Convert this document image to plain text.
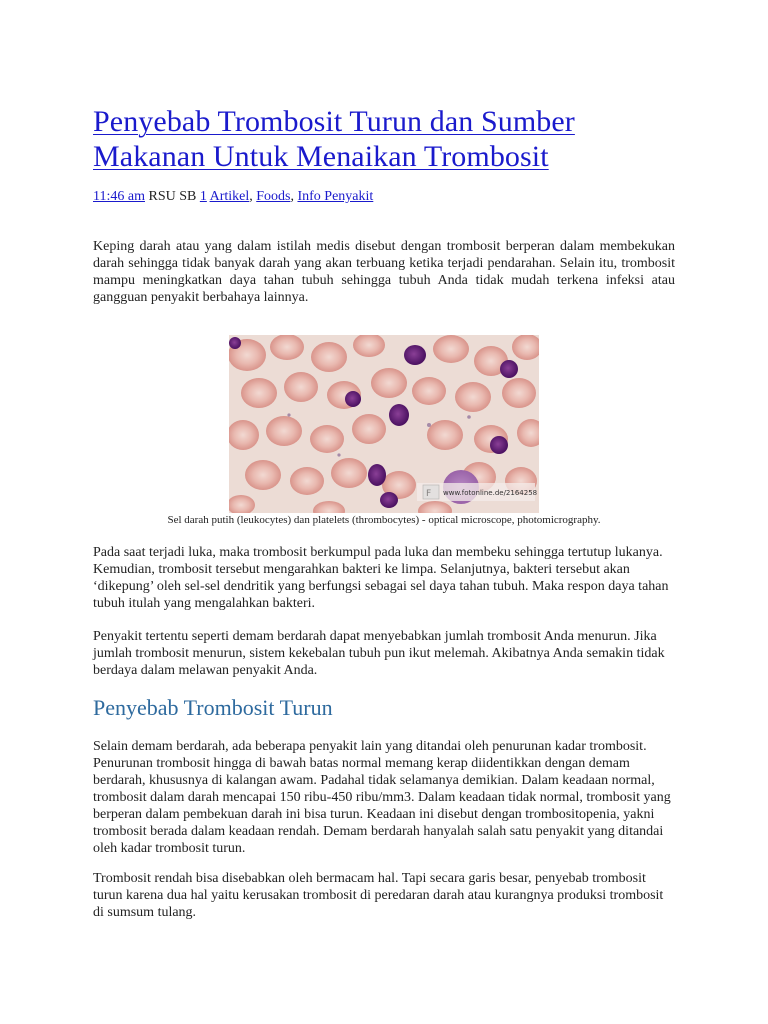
Penyebab Trombosit Turun dan Sumber
Makanan Untuk Menaikan Trombosit
11:46 am RSU SB 1 Artikel, Foods, Info Penyakit

Keping darah atau yang dalam istilah medis disebut dengan trombosit berperan dalam membekukan darah sehingga tidak banyak darah yang akan terbuang ketika terjadi pendarahan. Selain itu, trombosit mampu meningkatkan daya tahan tubuh sehingga tubuh Anda tidak mudah terkena infeksi atau gangguan penyakit berbahaya lainnya.

www.fotonline.de/2164258
F
Sel darah putih (leukocytes) dan platelets (thrombocytes) - optical microscope, photomicrography.

Pada saat terjadi luka, maka trombosit berkumpul pada luka dan membeku sehingga tertutup lukanya. Kemudian, trombosit tersebut mengarahkan bakteri ke limpa. Selanjutnya, bakteri tersebut akan ‘dikepung’ oleh sel-sel dendritik yang berfungsi sebagai sel daya tahan tubuh. Maka respon daya tahan tubuh itulah yang mengalahkan bakteri.

Penyakit tertentu seperti demam berdarah dapat menyebabkan jumlah trombosit Anda menurun. Jika jumlah trombosit menurun, sistem kekebalan tubuh pun ikut melemah. Akibatnya Anda semakin tidak berdaya dalam melawan penyakit Anda.

Penyebab Trombosit Turun

Selain demam berdarah, ada beberapa penyakit lain yang ditandai oleh penurunan kadar trombosit. Penurunan trombosit hingga di bawah batas normal memang kerap diidentikkan dengan demam berdarah, khususnya di kalangan awam. Padahal tidak selamanya demikian. Dalam keadaan normal, trombosit dalam darah mencapai 150 ribu-450 ribu/mm3. Dalam keadaan tidak normal, trombosit yang berperan dalam pembekuan darah ini bisa turun. Keadaan ini disebut dengan trombositopenia, yakni trombosit berada dalam keadaan rendah. Demam berdarah hanyalah salah satu penyakit yang ditandai oleh kadar trombosit turun.

Trombosit rendah bisa disebabkan oleh bermacam hal. Tapi secara garis besar, penyebab trombosit turun karena dua hal yaitu kerusakan trombosit di peredaran darah atau kurangnya produksi trombosit di sumsum tulang.
